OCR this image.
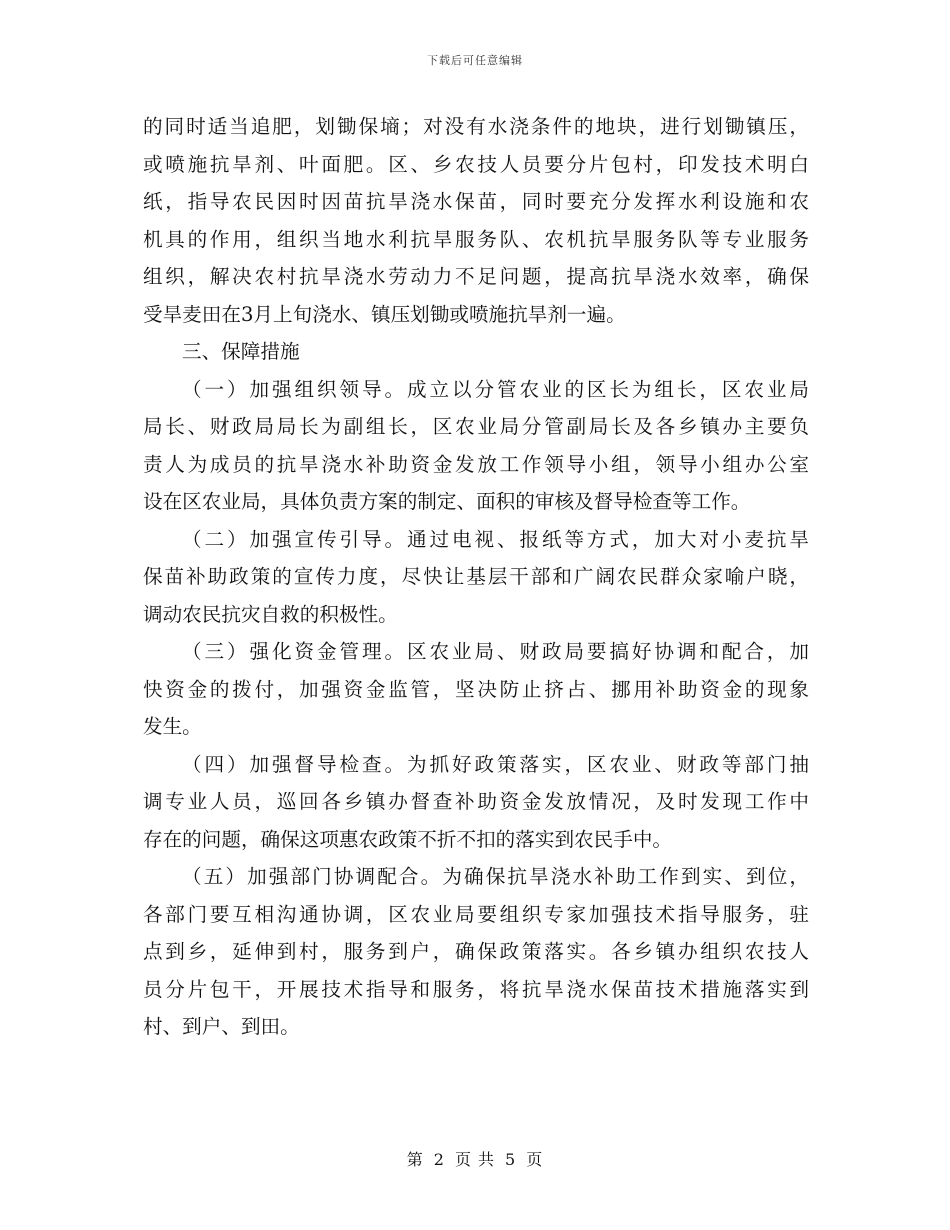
下载后可任意编辑
的同时适当追肥，划锄保墒；对没有水浇条件的地块，进行划锄镇压，
或喷施抗旱剂、叶面肥。区、乡农技人员要分片包村，印发技术明白
纸，指导农民因时因苗抗旱浇水保苗，同时要充分发挥水利设施和农
机具的作用，组织当地水利抗旱服务队、农机抗旱服务队等专业服务
组织，解决农村抗旱浇水劳动力不足问题，提高抗旱浇水效率，确保
受旱麦田在3月上旬浇水、镇压划锄或喷施抗旱剂一遍。
三、保障措施
（一）加强组织领导。成立以分管农业的区长为组长，区农业局
局长、财政局局长为副组长，区农业局分管副局长及各乡镇办主要负
责人为成员的抗旱浇水补助资金发放工作领导小组，领导小组办公室
设在区农业局，具体负责方案的制定、面积的审核及督导检查等工作。
（二）加强宣传引导。通过电视、报纸等方式，加大对小麦抗旱
保苗补助政策的宣传力度，尽快让基层干部和广阔农民群众家喻户晓，
调动农民抗灾自救的积极性。
（三）强化资金管理。区农业局、财政局要搞好协调和配合，加
快资金的拨付，加强资金监管，坚决防止挤占、挪用补助资金的现象
发生。
（四）加强督导检查。为抓好政策落实，区农业、财政等部门抽
调专业人员，巡回各乡镇办督查补助资金发放情况，及时发现工作中
存在的问题，确保这项惠农政策不折不扣的落实到农民手中。
（五）加强部门协调配合。为确保抗旱浇水补助工作到实、到位，
各部门要互相沟通协调，区农业局要组织专家加强技术指导服务，驻
点到乡，延伸到村，服务到户，确保政策落实。各乡镇办组织农技人
员分片包干，开展技术指导和服务，将抗旱浇水保苗技术措施落实到
村、到户、到田。
第 2 页 共 5 页
